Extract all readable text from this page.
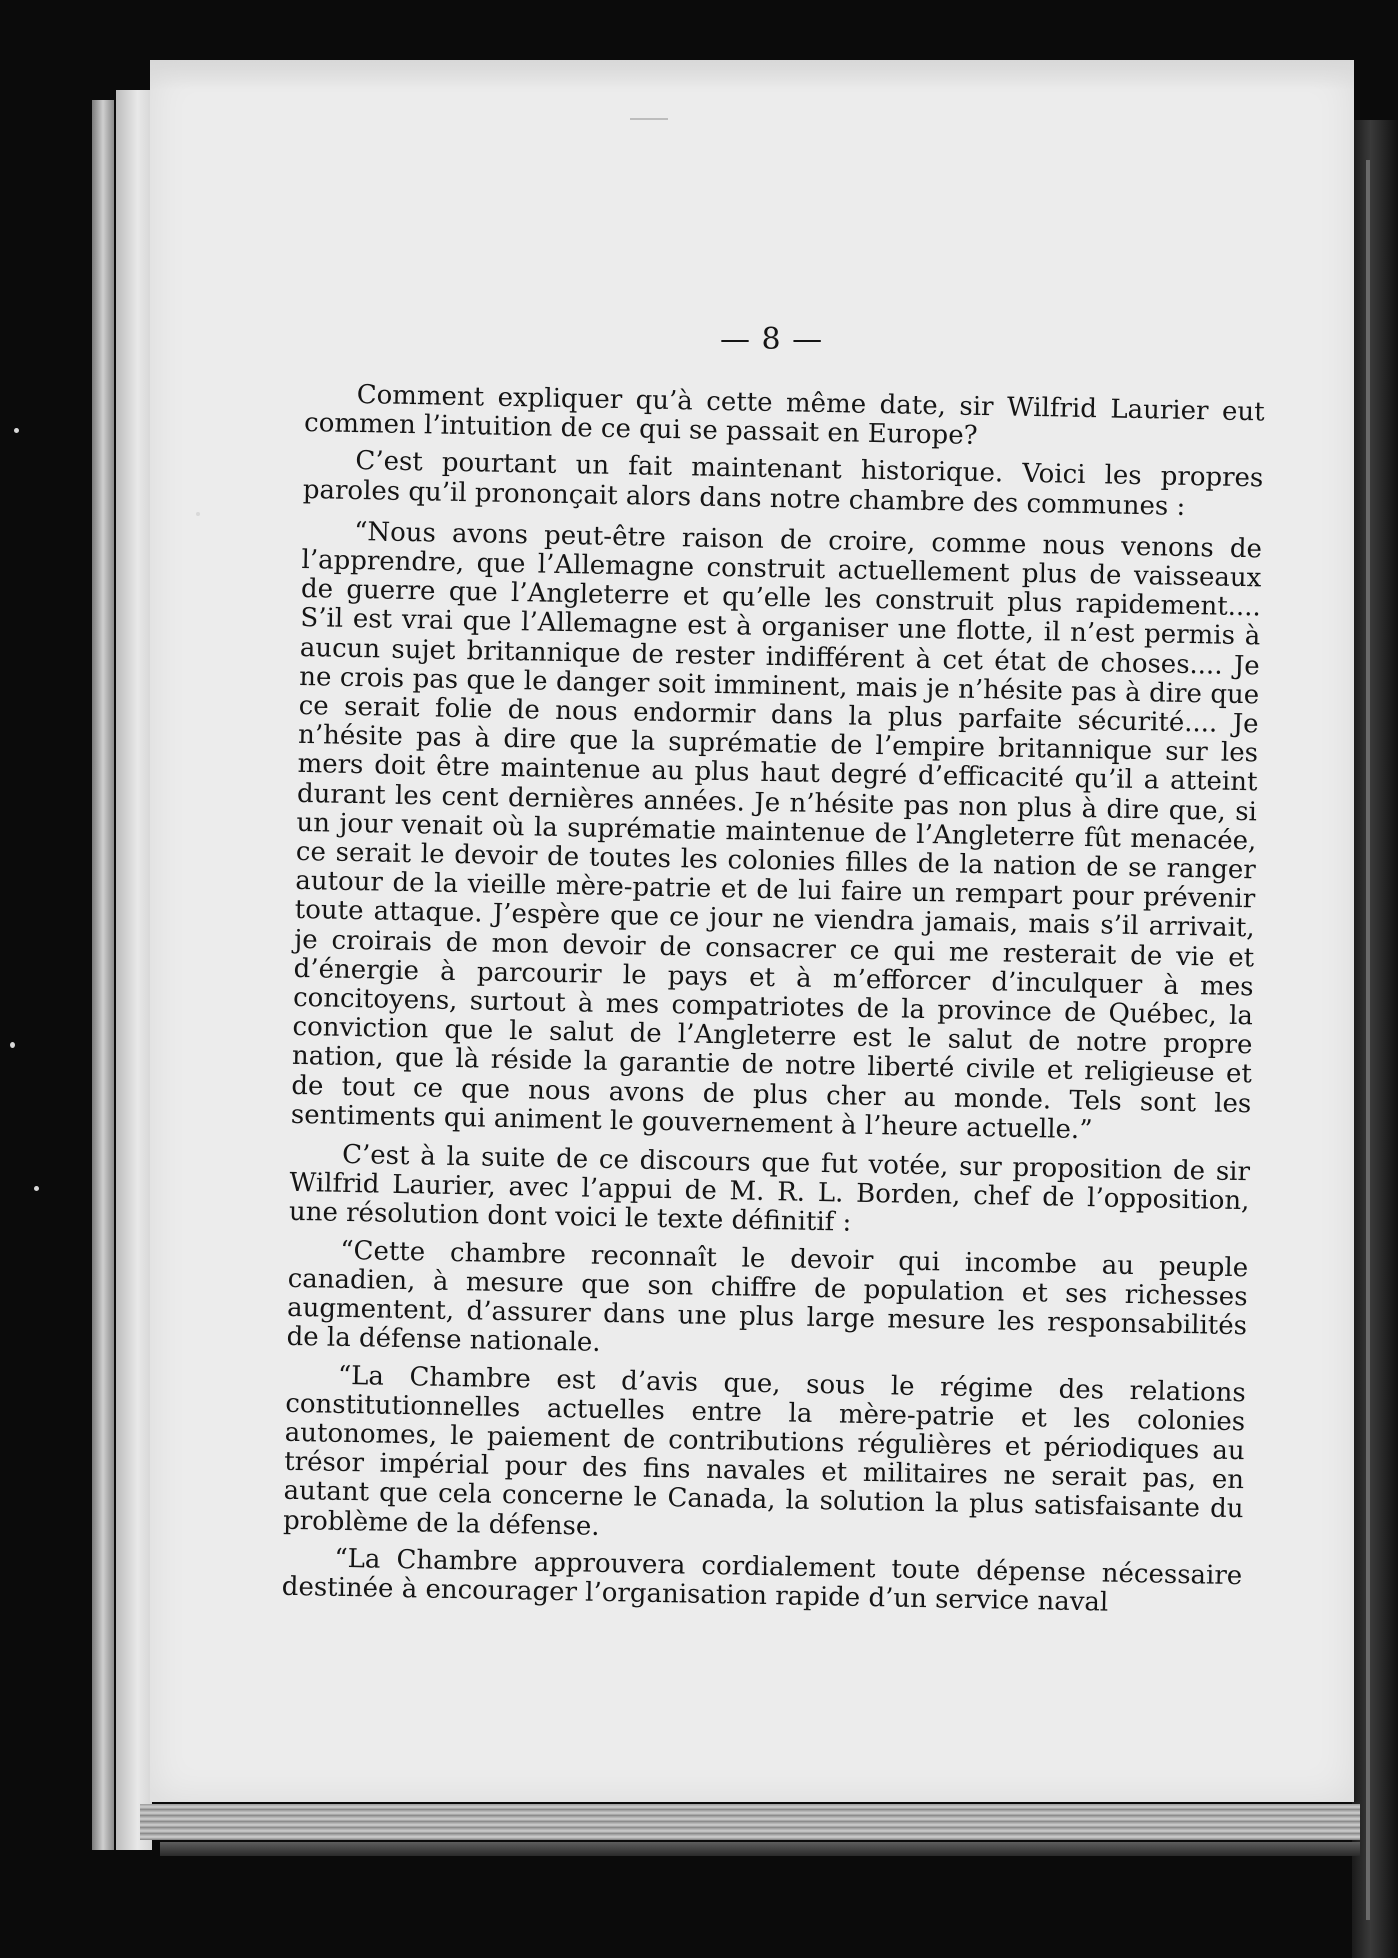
— 8 —

Comment expliquer qu’à cette même date, sir Wilfrid Laurier eut commen l’intuition de ce qui se passait en Europe?

C’est pourtant un fait maintenant historique. Voici les propres paroles qu’il prononçait alors dans notre chambre des communes :

“Nous avons peut-être raison de croire, comme nous venons de l’apprendre, que l’Allemagne construit actuellement plus de vaisseaux de guerre que l’Angleterre et qu’elle les construit plus rapidement.... S’il est vrai que l’Allemagne est à organiser une flotte, il n’est permis à aucun sujet britannique de rester indifférent à cet état de choses.... Je ne crois pas que le danger soit imminent, mais je n’hésite pas à dire que ce serait folie de nous endormir dans la plus parfaite sécurité.... Je n’hésite pas à dire que la suprématie de l’empire britannique sur les mers doit être maintenue au plus haut degré d’efficacité qu’il a atteint durant les cent dernières années. Je n’hésite pas non plus à dire que, si un jour venait où la suprématie maintenue de l’Angleterre fût menacée, ce serait le devoir de toutes les colonies filles de la nation de se ranger autour de la vieille mère-patrie et de lui faire un rempart pour prévenir toute attaque. J’espère que ce jour ne viendra jamais, mais s’il arrivait, je croirais de mon devoir de consacrer ce qui me resterait de vie et d’énergie à parcourir le pays et à m’efforcer d’inculquer à mes concitoyens, surtout à mes compatriotes de la province de Québec, la conviction que le salut de l’Angleterre est le salut de notre propre nation, que là réside la garantie de notre liberté civile et religieuse et de tout ce que nous avons de plus cher au monde. Tels sont les sentiments qui animent le gouvernement à l’heure actuelle.”

C’est à la suite de ce discours que fut votée, sur proposition de sir Wilfrid Laurier, avec l’appui de M. R. L. Borden, chef de l’opposition, une résolution dont voici le texte définitif :

“Cette chambre reconnaît le devoir qui incombe au peuple canadien, à mesure que son chiffre de population et ses richesses augmentent, d’assurer dans une plus large mesure les responsabilités de la défense nationale.

“La Chambre est d’avis que, sous le régime des relations constitutionnelles actuelles entre la mère-patrie et les colonies autonomes, le paiement de contributions régulières et périodiques au trésor impérial pour des fins navales et militaires ne serait pas, en autant que cela concerne le Canada, la solution la plus satisfaisante du problème de la défense.

“La Chambre approuvera cordialement toute dépense nécessaire destinée à encourager l’organisation rapide d’un service naval
